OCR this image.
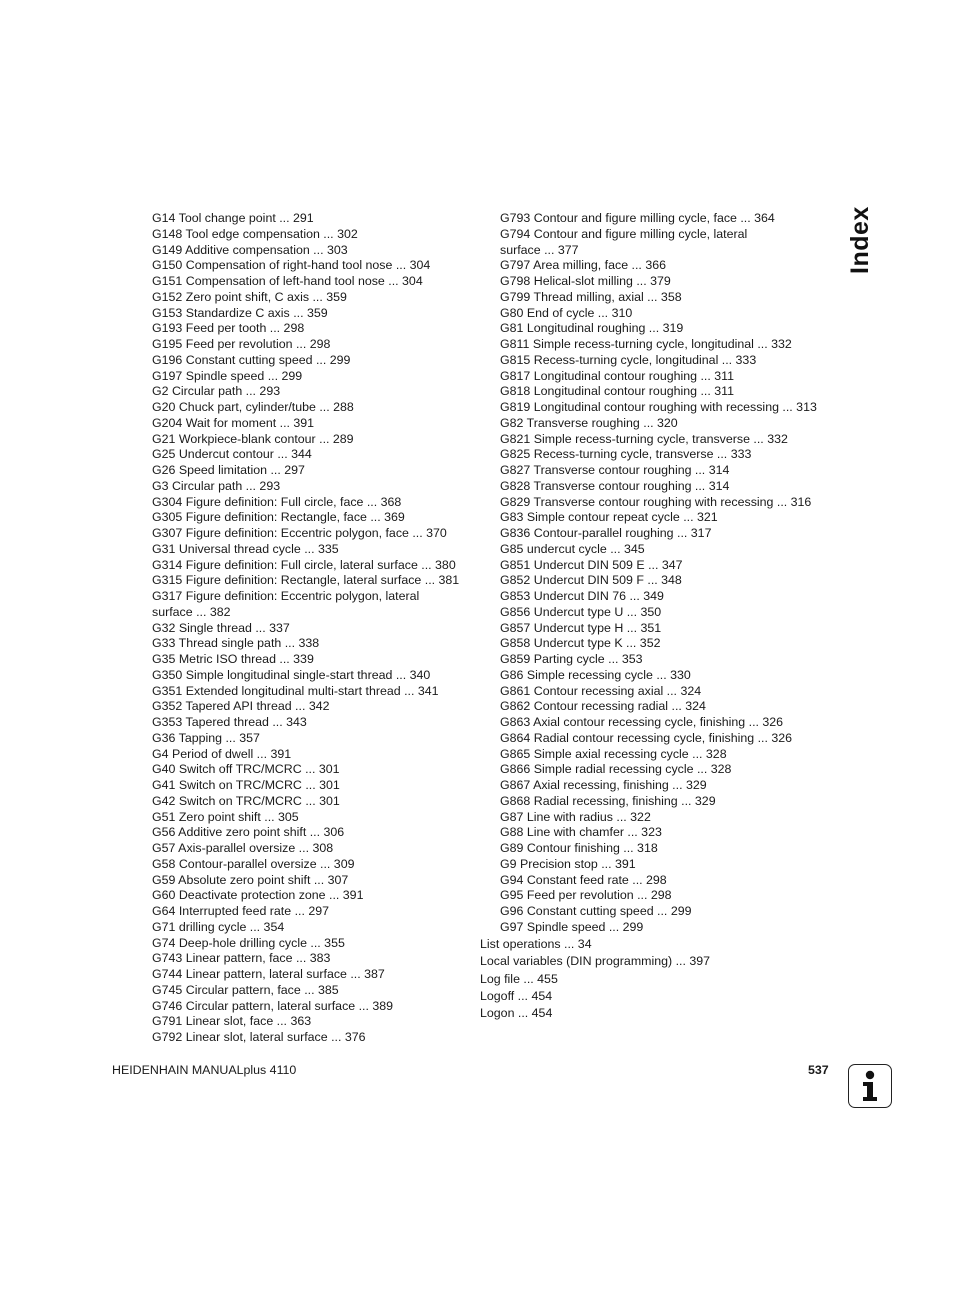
Index
G14 Tool change point ... 291
G148 Tool edge compensation ... 302
G149 Additive compensation ... 303
G150 Compensation of right-hand tool nose ... 304
G151 Compensation of left-hand tool nose ... 304
G152 Zero point shift, C axis ... 359
G153 Standardize C axis ... 359
G193 Feed per tooth ... 298
G195 Feed per revolution ... 298
G196 Constant cutting speed ... 299
G197 Spindle speed ... 299
G2 Circular path ... 293
G20 Chuck part, cylinder/tube ... 288
G204 Wait for moment ... 391
G21 Workpiece-blank contour ... 289
G25 Undercut contour ... 344
G26 Speed limitation ... 297
G3 Circular path ... 293
G304 Figure definition: Full circle, face ... 368
G305 Figure definition: Rectangle, face ... 369
G307 Figure definition: Eccentric polygon, face ... 370
G31 Universal thread cycle ... 335
G314 Figure definition: Full circle, lateral surface ... 380
G315 Figure definition: Rectangle, lateral surface ... 381
G317 Figure definition: Eccentric polygon, lateral
surface ... 382
G32 Single thread ... 337
G33 Thread single path ... 338
G35 Metric ISO thread ... 339
G350 Simple longitudinal single-start thread ... 340
G351 Extended longitudinal multi-start thread ... 341
G352 Tapered API thread ... 342
G353 Tapered thread ... 343
G36 Tapping ... 357
G4 Period of dwell ... 391
G40 Switch off TRC/MCRC ... 301
G41 Switch on TRC/MCRC ... 301
G42 Switch on TRC/MCRC ... 301
G51 Zero point shift ... 305
G56 Additive zero point shift ... 306
G57 Axis-parallel oversize ... 308
G58 Contour-parallel oversize ... 309
G59 Absolute zero point shift ... 307
G60 Deactivate protection zone ... 391
G64 Interrupted feed rate ... 297
G71 drilling cycle ... 354
G74 Deep-hole drilling cycle ... 355
G743 Linear pattern, face ... 383
G744 Linear pattern, lateral surface ... 387
G745 Circular pattern, face ... 385
G746 Circular pattern, lateral surface ... 389
G791 Linear slot, face ... 363
G792 Linear slot, lateral surface ... 376
G793 Contour and figure milling cycle, face ... 364
G794 Contour and figure milling cycle, lateral
surface ... 377
G797 Area milling, face ... 366
G798 Helical-slot milling ... 379
G799 Thread milling, axial ... 358
G80 End of cycle ... 310
G81 Longitudinal roughing ... 319
G811 Simple recess-turning cycle, longitudinal ... 332
G815 Recess-turning cycle, longitudinal ... 333
G817 Longitudinal contour roughing ... 311
G818 Longitudinal contour roughing ... 311
G819 Longitudinal contour roughing with recessing ... 313
G82 Transverse roughing ... 320
G821 Simple recess-turning cycle, transverse ... 332
G825 Recess-turning cycle, transverse ... 333
G827 Transverse contour roughing ... 314
G828 Transverse contour roughing ... 314
G829 Transverse contour roughing with recessing ... 316
G83 Simple contour repeat cycle ... 321
G836 Contour-parallel roughing ... 317
G85 undercut cycle ... 345
G851 Undercut DIN 509 E ... 347
G852 Undercut DIN 509 F ... 348
G853 Undercut DIN 76 ... 349
G856 Undercut type U ... 350
G857 Undercut type H ... 351
G858 Undercut type K ... 352
G859 Parting cycle ... 353
G86 Simple recessing cycle ... 330
G861 Contour recessing axial ... 324
G862 Contour recessing radial ... 324
G863 Axial contour recessing cycle, finishing ... 326
G864 Radial contour recessing cycle, finishing ... 326
G865 Simple axial recessing cycle ... 328
G866 Simple radial recessing cycle ... 328
G867 Axial recessing, finishing ... 329
G868 Radial recessing, finishing ... 329
G87 Line with radius ... 322
G88 Line with chamfer ... 323
G89 Contour finishing ... 318
G9 Precision stop ... 391
G94 Constant feed rate ... 298
G95 Feed per revolution ... 298
G96 Constant cutting speed ... 299
G97 Spindle speed ... 299
List operations ... 34
Local variables (DIN programming) ... 397
Log file ... 455
Logoff ... 454
Logon ... 454
HEIDENHAIN MANUALplus 4110	537
